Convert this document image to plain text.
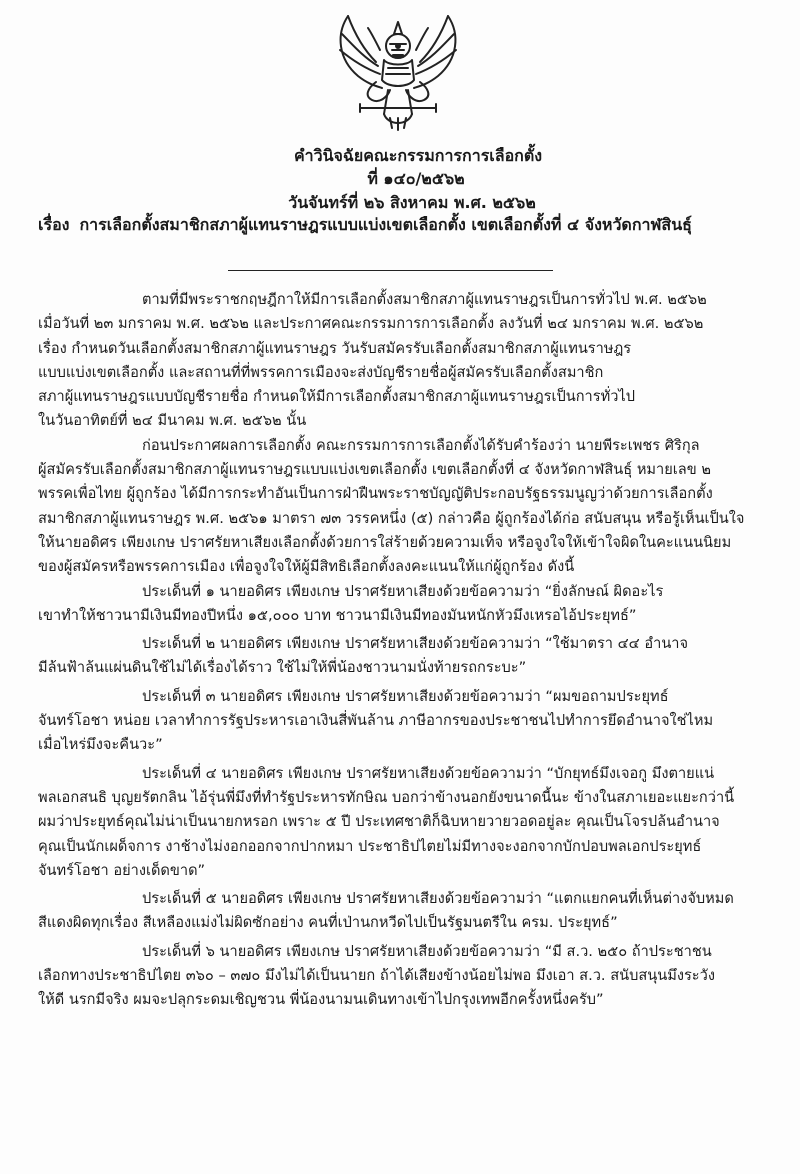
คำวินิจฉัยคณะกรรมการการเลือกตั้ง
ที่ ๑๔๐/๒๕๖๒
วันจันทร์ที่ ๒๖ สิงหาคม พ.ศ. ๒๕๖๒
เรื่อง การเลือกตั้งสมาชิกสภาผู้แทนราษฎรแบบแบ่งเขตเลือกตั้ง เขตเลือกตั้งที่ ๔ จังหวัดกาฬสินธุ์
ตามที่มีพระราชกฤษฎีกาให้มีการเลือกตั้งสมาชิกสภาผู้แทนราษฎรเป็นการทั่วไป พ.ศ. ๒๕๖๒
เมื่อวันที่ ๒๓ มกราคม พ.ศ. ๒๕๖๒ และประกาศคณะกรรมการการเลือกตั้ง ลงวันที่ ๒๔ มกราคม พ.ศ. ๒๕๖๒
เรื่อง กำหนดวันเลือกตั้งสมาชิกสภาผู้แทนราษฎร วันรับสมัครรับเลือกตั้งสมาชิกสภาผู้แทนราษฎร
แบบแบ่งเขตเลือกตั้ง และสถานที่ที่พรรคการเมืองจะส่งบัญชีรายชื่อผู้สมัครรับเลือกตั้งสมาชิก
สภาผู้แทนราษฎรแบบบัญชีรายชื่อ กำหนดให้มีการเลือกตั้งสมาชิกสภาผู้แทนราษฎรเป็นการทั่วไป
ในวันอาทิตย์ที่ ๒๔ มีนาคม พ.ศ. ๒๕๖๒ นั้น
ก่อนประกาศผลการเลือกตั้ง คณะกรรมการการเลือกตั้งได้รับคำร้องว่า นายพีระเพชร ศิริกุล
ผู้สมัครรับเลือกตั้งสมาชิกสภาผู้แทนราษฎรแบบแบ่งเขตเลือกตั้ง เขตเลือกตั้งที่ ๔ จังหวัดกาฬสินธุ์ หมายเลข ๒
พรรคเพื่อไทย ผู้ถูกร้อง ได้มีการกระทำอันเป็นการฝ่าฝืนพระราชบัญญัติประกอบรัฐธรรมนูญว่าด้วยการเลือกตั้ง
สมาชิกสภาผู้แทนราษฎร พ.ศ. ๒๕๖๑ มาตรา ๗๓ วรรคหนึ่ง (๕) กล่าวคือ ผู้ถูกร้องได้ก่อ สนับสนุน หรือรู้เห็นเป็นใจ
ให้นายอดิศร เพียงเกษ ปราศรัยหาเสียงเลือกตั้งด้วยการใส่ร้ายด้วยความเท็จ หรือจูงใจให้เข้าใจผิดในคะแนนนิยม
ของผู้สมัครหรือพรรคการเมือง เพื่อจูงใจให้ผู้มีสิทธิเลือกตั้งลงคะแนนให้แก่ผู้ถูกร้อง ดังนี้
ประเด็นที่ ๑ นายอดิศร เพียงเกษ ปราศรัยหาเสียงด้วยข้อความว่า “ยิ่งลักษณ์ ผิดอะไร
เขาทำให้ชาวนามีเงินมีทองปีหนึ่ง ๑๕,๐๐๐ บาท ชาวนามีเงินมีทองมันหนักหัวมึงเหรอไอ้ประยุทธ์”
ประเด็นที่ ๒ นายอดิศร เพียงเกษ ปราศรัยหาเสียงด้วยข้อความว่า “ใช้มาตรา ๔๔ อำนาจ
มีล้นฟ้าล้นแผ่นดินใช้ไม่ได้เรื่องได้ราว ใช้ไม่ให้พี่น้องชาวนามนั่งท้ายรถกระบะ”
ประเด็นที่ ๓ นายอดิศร เพียงเกษ ปราศรัยหาเสียงด้วยข้อความว่า “ผมขอถามประยุทธ์
จันทร์โอชา หน่อย เวลาทำการรัฐประหารเอาเงินสี่พันล้าน ภาษีอากรของประชาชนไปทำการยึดอำนาจใช่ไหม
เมื่อไหร่มึงจะคืนวะ”
ประเด็นที่ ๔ นายอดิศร เพียงเกษ ปราศรัยหาเสียงด้วยข้อความว่า “บักยุทธ์มึงเจอกู มึงตายแน่
พลเอกสนธิ บุญยรัตกลิน ไอ้รุ่นพี่มึงที่ทำรัฐประหารทักษิณ บอกว่าข้างนอกยังขนาดนี้นะ ข้างในสภาเยอะแยะกว่านี้
ผมว่าประยุทธ์คุณไม่น่าเป็นนายกหรอก เพราะ ๕ ปี ประเทศชาติก็ฉิบหายวายวอดอยู่ละ คุณเป็นโจรปล้นอำนาจ
คุณเป็นนักเผด็จการ งาช้างไม่งอกออกจากปากหมา ประชาธิปไตยไม่มีทางจะงอกจากบักปอบพลเอกประยุทธ์
จันทร์โอชา อย่างเด็ดขาด”
ประเด็นที่ ๕ นายอดิศร เพียงเกษ ปราศรัยหาเสียงด้วยข้อความว่า “แตกแยกคนที่เห็นต่างจับหมด
สีแดงผิดทุกเรื่อง สีเหลืองแม่งไม่ผิดซักอย่าง คนที่เป่านกหวีดไปเป็นรัฐมนตรีใน ครม. ประยุทธ์”
ประเด็นที่ ๖ นายอดิศร เพียงเกษ ปราศรัยหาเสียงด้วยข้อความว่า “มี ส.ว. ๒๕๐ ถ้าประชาชน
เลือกทางประชาธิปไตย ๓๖๐ – ๓๗๐ มึงไม่ได้เป็นนายก ถ้าได้เสียงข้างน้อยไม่พอ มึงเอา ส.ว. สนับสนุนมึงระวัง
ให้ดี นรกมีจริง ผมจะปลุกระดมเชิญชวน พี่น้องนามนเดินทางเข้าไปกรุงเทพอีกครั้งหนึ่งครับ”
